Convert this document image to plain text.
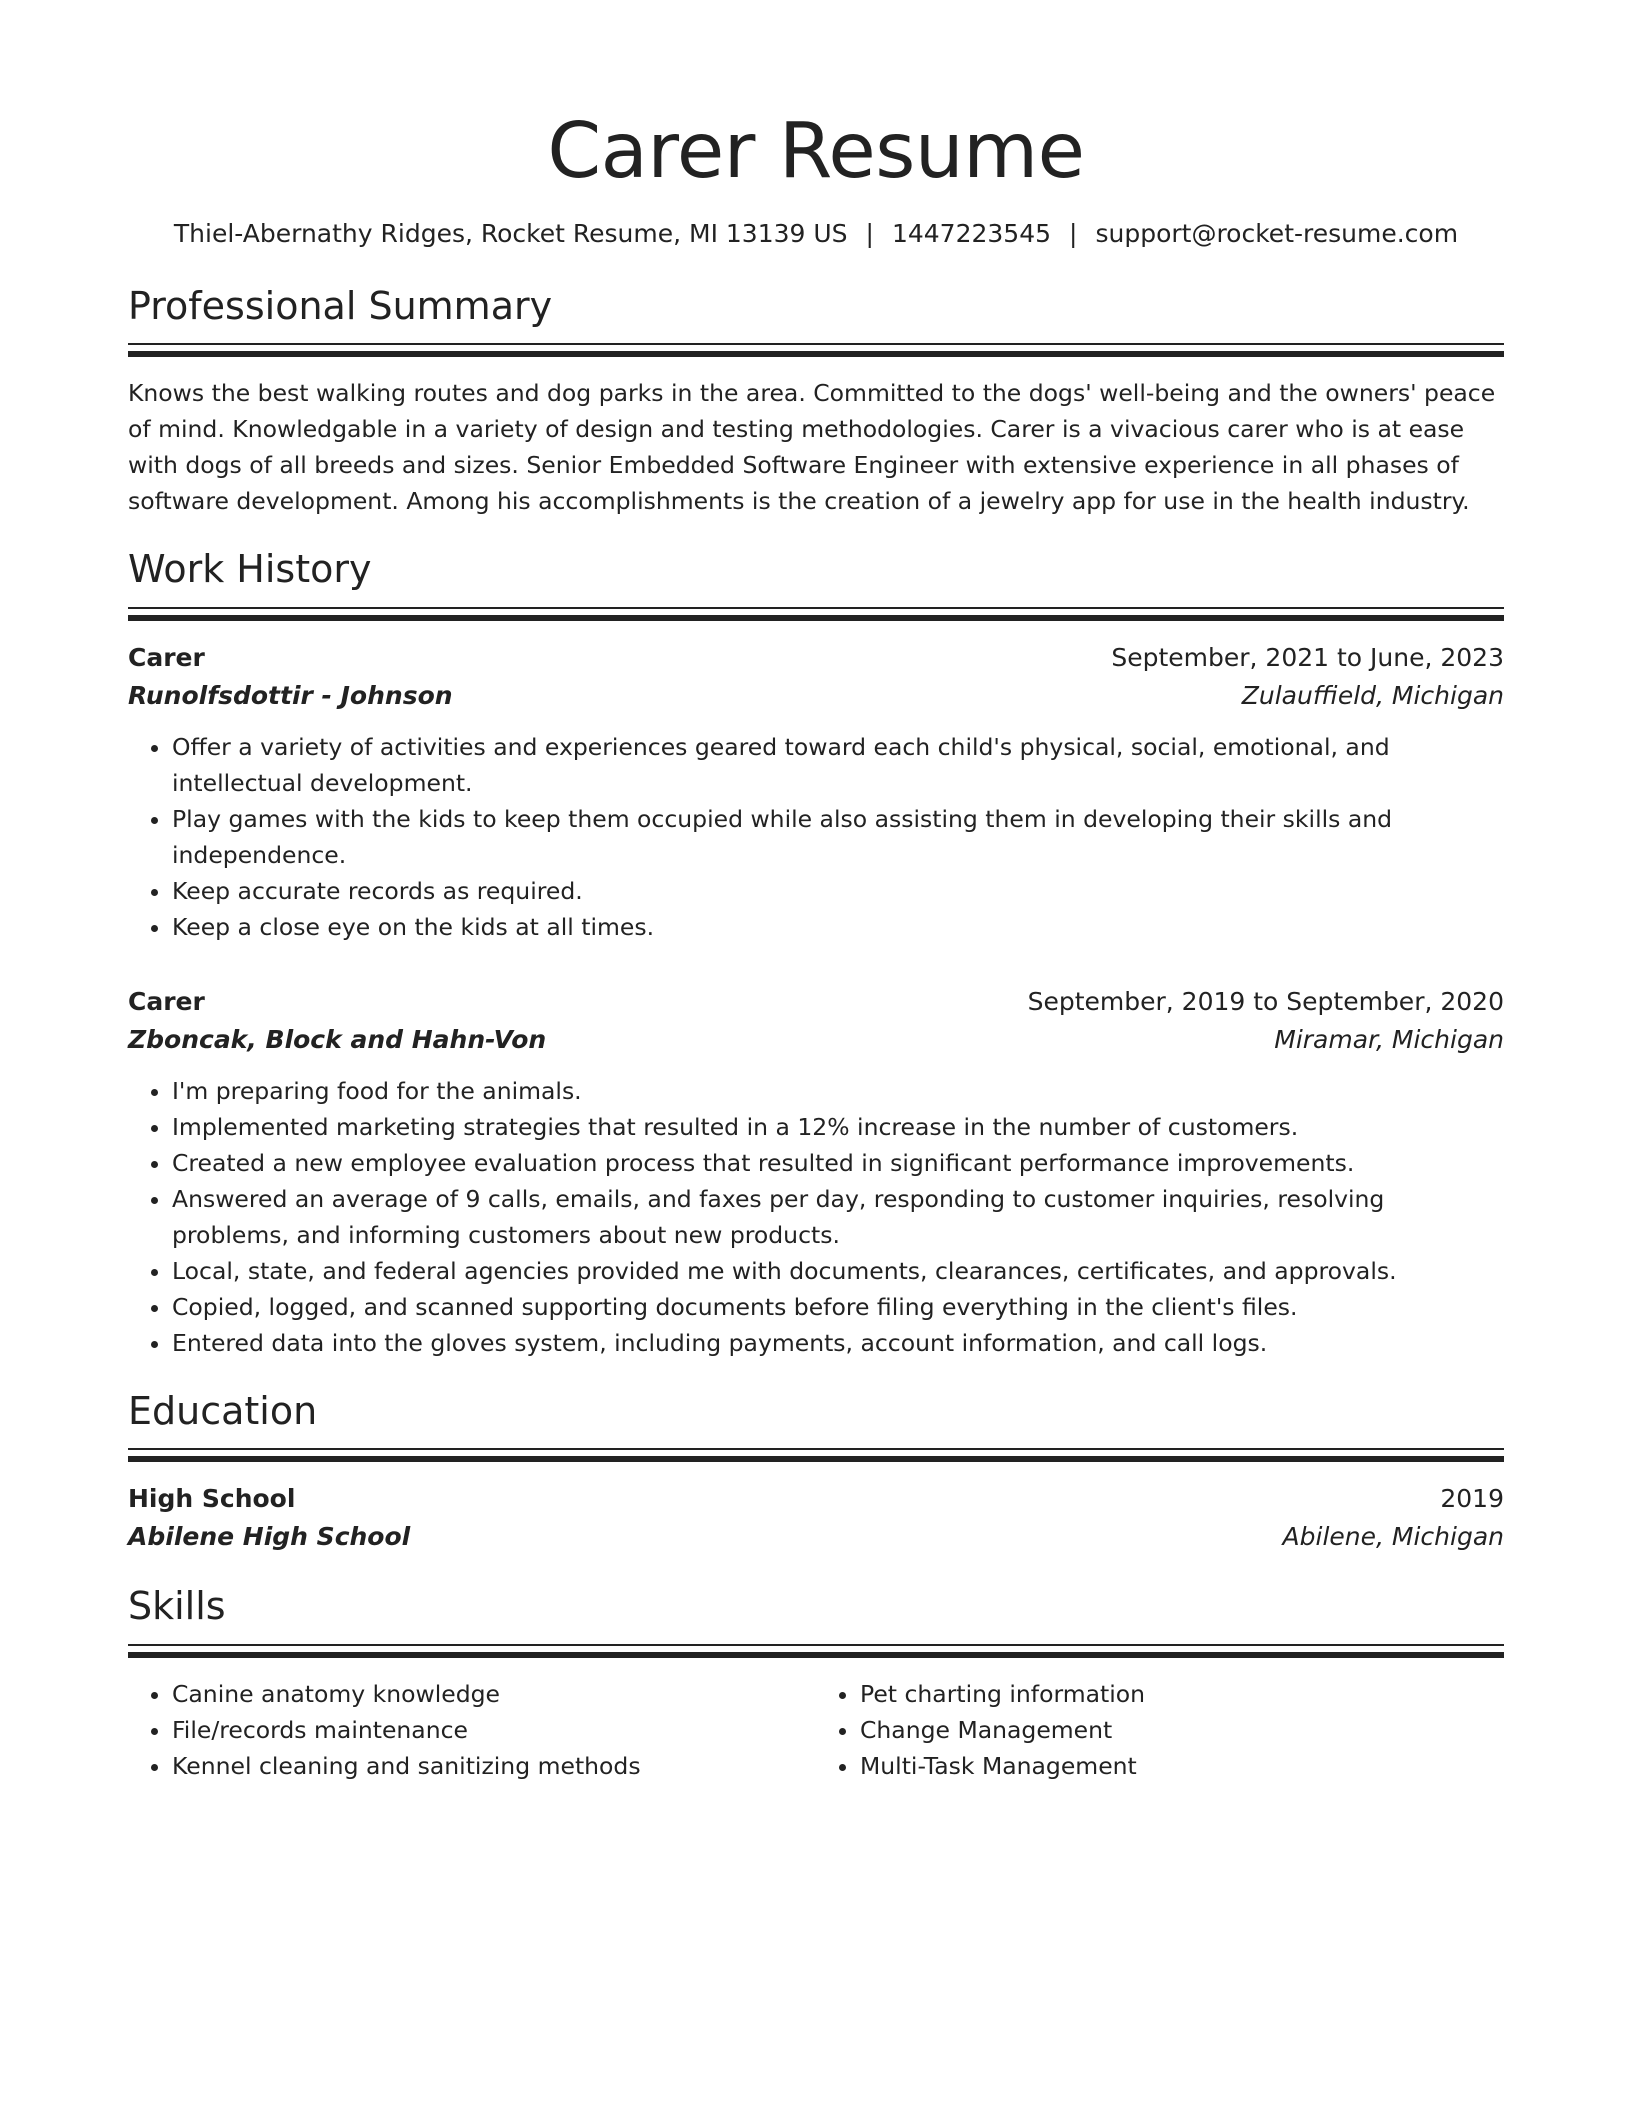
Carer Resume
Thiel-Abernathy Ridges, Rocket Resume, MI 13139 US | 1447223545 | support@rocket-resume.com
Professional Summary

Knows the best walking routes and dog parks in the area. Committed to the dogs' well-being and the owners' peace of mind. Knowledgable in a variety of design and testing methodologies. Carer is a vivacious carer who is at ease with dogs of all breeds and sizes. Senior Embedded Software Engineer with extensive experience in all phases of software development. Among his accomplishments is the creation of a jewelry app for use in the health industry.

Work History
Carer	September, 2021 to June, 2023
Runolfsdottir - Johnson	Zulauffield, Michigan
• Offer a variety of activities and experiences geared toward each child's physical, social, emotional, and intellectual development.
• Play games with the kids to keep them occupied while also assisting them in developing their skills and independence.
• Keep accurate records as required.
• Keep a close eye on the kids at all times.
Carer	September, 2019 to September, 2020
Zboncak, Block and Hahn-Von	Miramar, Michigan
• I'm preparing food for the animals.
• Implemented marketing strategies that resulted in a 12% increase in the number of customers.
• Created a new employee evaluation process that resulted in significant performance improvements.
• Answered an average of 9 calls, emails, and faxes per day, responding to customer inquiries, resolving problems, and informing customers about new products.
• Local, state, and federal agencies provided me with documents, clearances, certificates, and approvals.
• Copied, logged, and scanned supporting documents before filing everything in the client's files.
• Entered data into the gloves system, including payments, account information, and call logs.
Education
High School	2019
Abilene High School	Abilene, Michigan
Skills
• Canine anatomy knowledge
• File/records maintenance
• Kennel cleaning and sanitizing methods
• Pet charting information
• Change Management
• Multi-Task Management
